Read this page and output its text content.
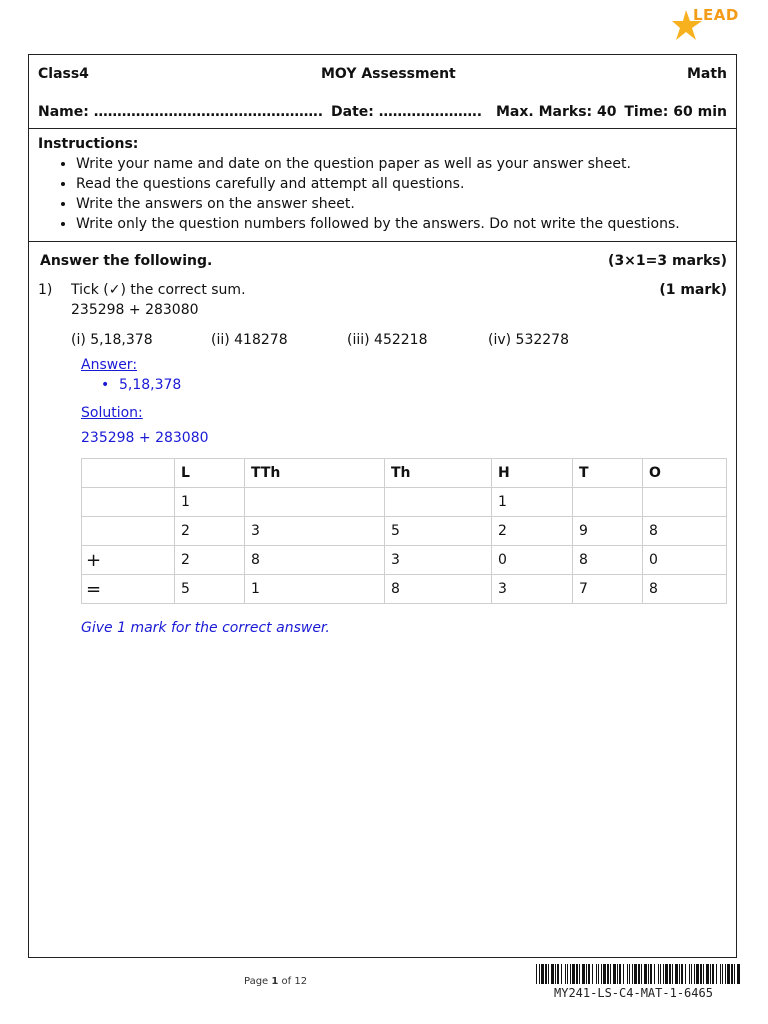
LEAD
Class4	MOY Assessment	Math
Name: …………………………………………. Date: …………………. Max. Marks: 40 Time: 60 min
Instructions:
• Write your name and date on the question paper as well as your answer sheet.
• Read the questions carefully and attempt all questions.
• Write the answers on the answer sheet.
• Write only the question numbers followed by the answers. Do not write the questions.
Answer the following.	(3×1=3 marks)
1) Tick (✓) the correct sum.	(1 mark)
235298 + 283080
(i) 5,18,378	(ii) 418278	(iii) 452218	(iv) 532278
Answer:
• 5,18,378
Solution:
235298 + 283080
	L	TTh	Th	H	T	O
	1			1		
	2	3	5	2	9	8
+	2	8	3	0	8	0
=	5	1	8	3	7	8
Give 1 mark for the correct answer.
Page 1 of 12
MY241-LS-C4-MAT-1-6465
